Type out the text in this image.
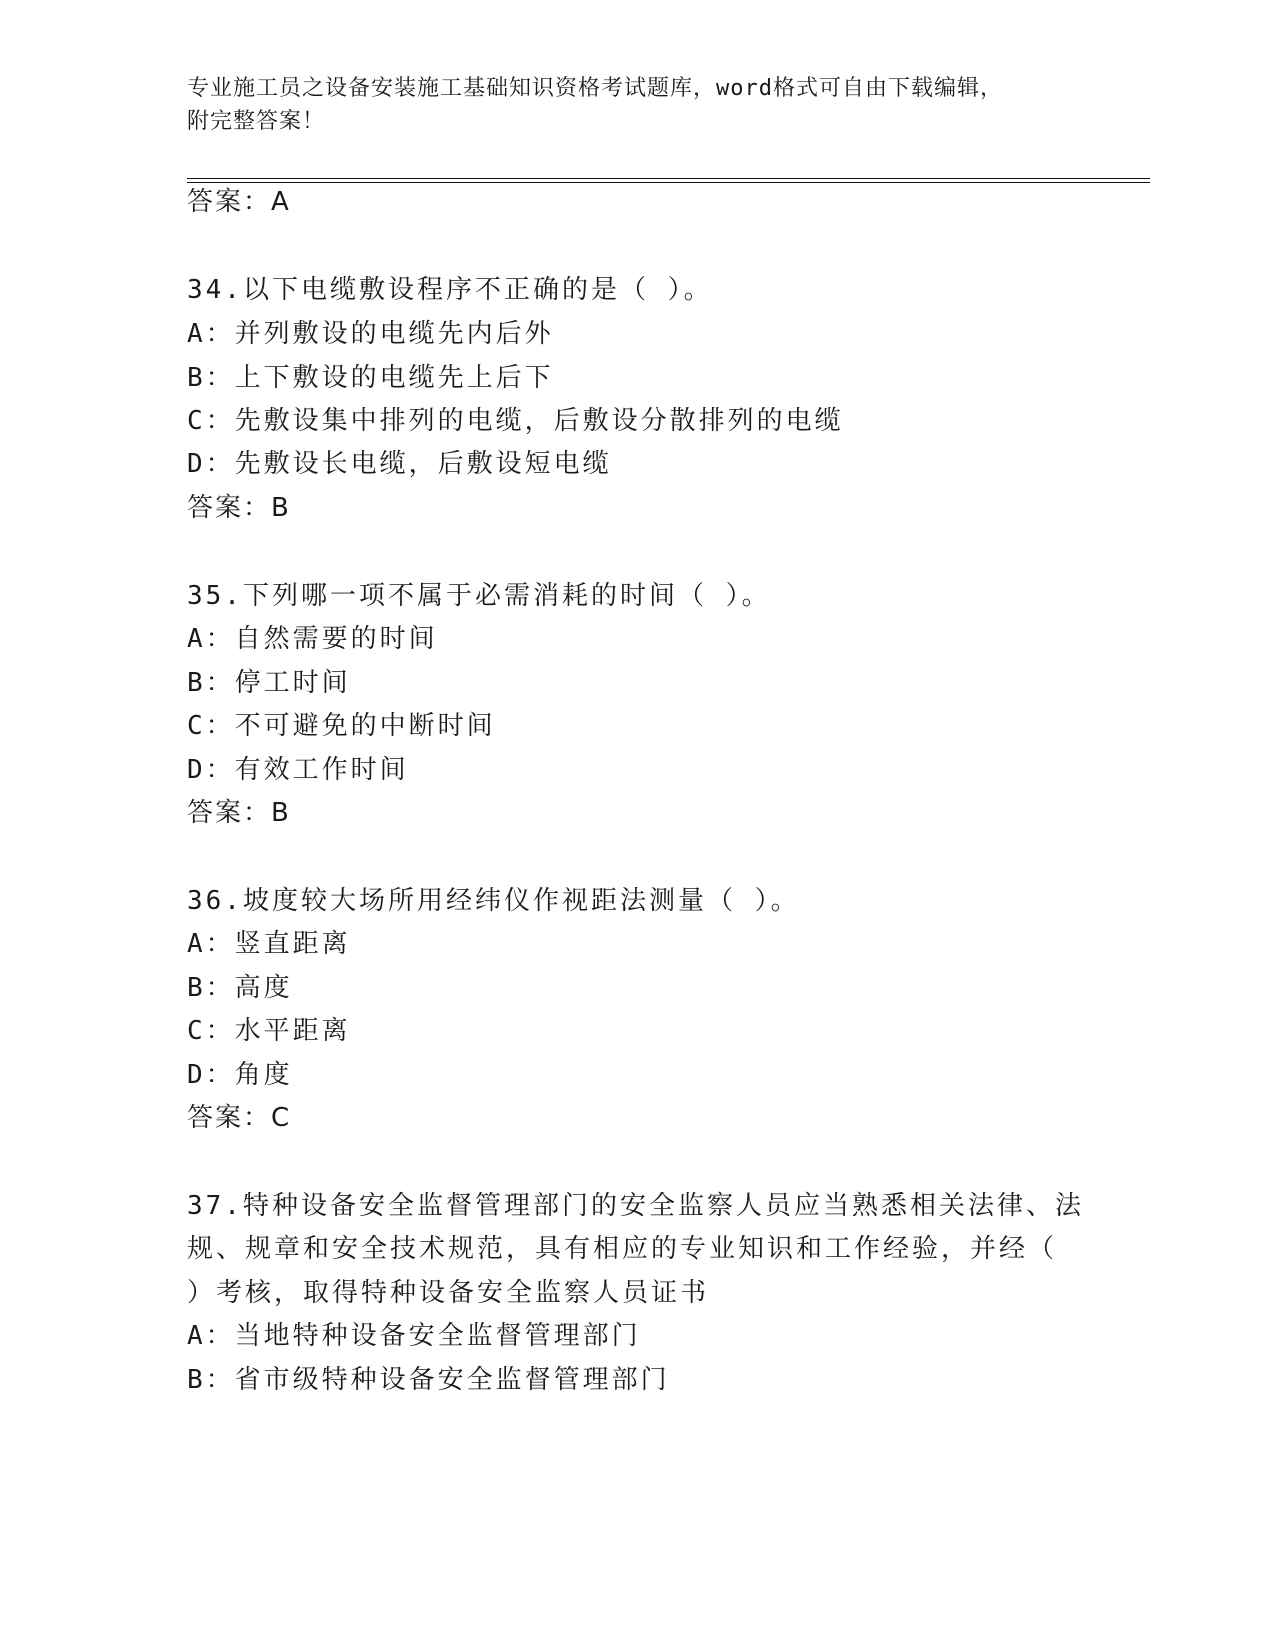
专业施工员之设备安装施工基础知识资格考试题库，word格式可自由下载编辑，
附完整答案！
答案：A
34.以下电缆敷设程序不正确的是（ ）。
A：并列敷设的电缆先内后外
B：上下敷设的电缆先上后下
C：先敷设集中排列的电缆，后敷设分散排列的电缆
D：先敷设长电缆，后敷设短电缆
答案：B
35.下列哪一项不属于必需消耗的时间（ ）。
A：自然需要的时间
B：停工时间
C：不可避免的中断时间
D：有效工作时间
答案：B
36.坡度较大场所用经纬仪作视距法测量（ ）。
A：竖直距离
B：高度
C：水平距离
D：角度
答案：C
37.特种设备安全监督管理部门的安全监察人员应当熟悉相关法律、法
规、规章和安全技术规范，具有相应的专业知识和工作经验，并经（
）考核，取得特种设备安全监察人员证书
A：当地特种设备安全监督管理部门
B：省市级特种设备安全监督管理部门
